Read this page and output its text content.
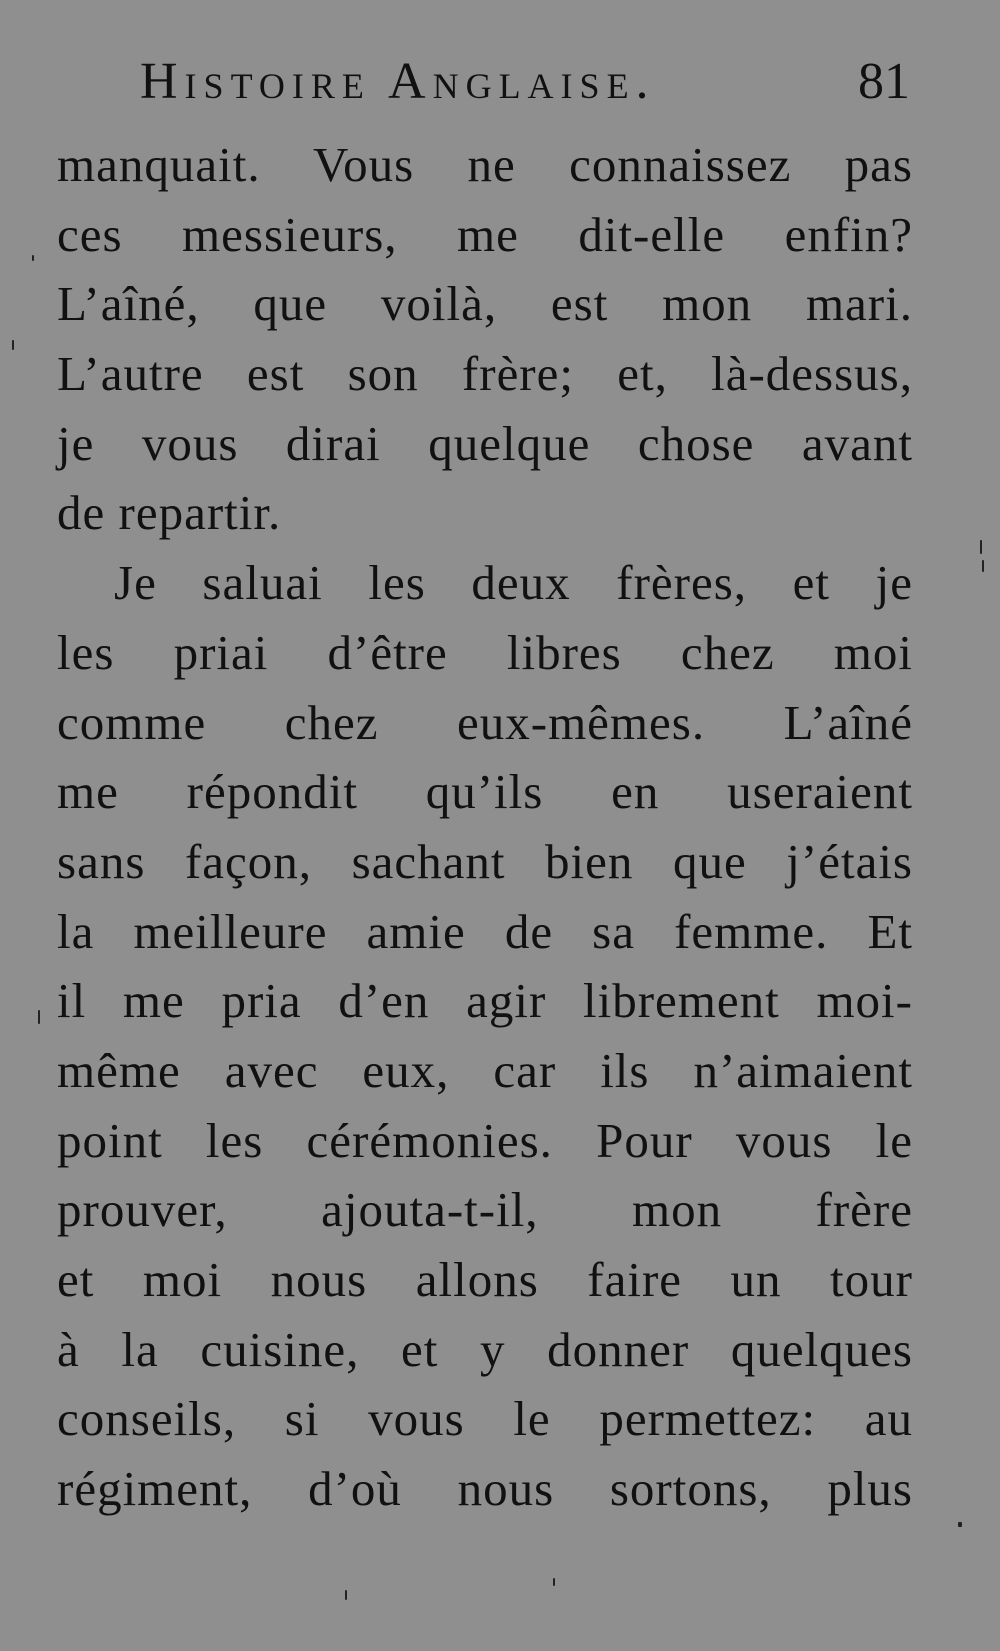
Histoire Anglaise.	81
manquait. Vous ne connaissez pas
ces messieurs, me dit-elle enfin?
L’aîné, que voilà, est mon mari.
L’autre est son frère; et, là-dessus,
je vous dirai quelque chose avant
de repartir.
Je saluai les deux frères, et je
les priai d’être libres chez moi
comme chez eux-mêmes. L’aîné
me répondit qu’ils en useraient
sans façon, sachant bien que j’étais
la meilleure amie de sa femme. Et
il me pria d’en agir librement moi-
même avec eux, car ils n’aimaient
point les cérémonies. Pour vous le
prouver, ajouta-t-il, mon frère
et moi nous allons faire un tour
à la cuisine, et y donner quelques
conseils, si vous le permettez: au
régiment, d’où nous sortons, plus
